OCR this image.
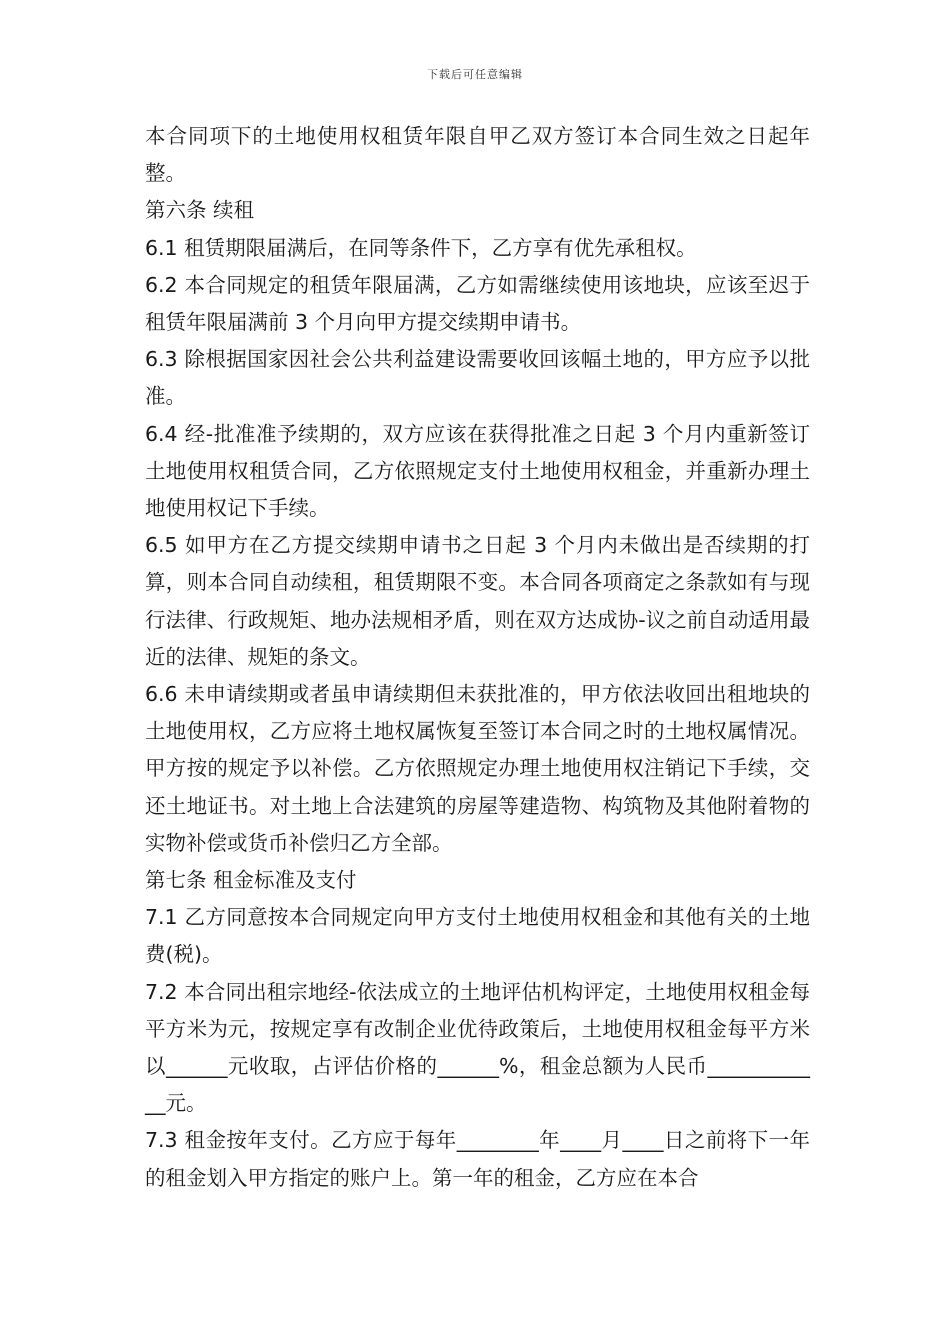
下载后可任意编辑

本合同项下的土地使用权租赁年限自甲乙双方签订本合同生效之日起年整。

第六条 续租

6.1 租赁期限届满后，在同等条件下，乙方享有优先承租权。

6.2 本合同规定的租赁年限届满，乙方如需继续使用该地块，应该至迟于租赁年限届满前 3 个月向甲方提交续期申请书。

6.3 除根据国家因社会公共利益建设需要收回该幅土地的，甲方应予以批准。

6.4 经-批准准予续期的，双方应该在获得批准之日起 3 个月内重新签订土地使用权租赁合同，乙方依照规定支付土地使用权租金，并重新办理土地使用权记下手续。

6.5 如甲方在乙方提交续期申请书之日起 3 个月内未做出是否续期的打算，则本合同自动续租，租赁期限不变。本合同各项商定之条款如有与现行法律、行政规矩、地办法规相矛盾，则在双方达成协-议之前自动适用最近的法律、规矩的条文。

6.6 未申请续期或者虽申请续期但未获批准的，甲方依法收回出租地块的土地使用权，乙方应将土地权属恢复至签订本合同之时的土地权属情况。甲方按的规定予以补偿。乙方依照规定办理土地使用权注销记下手续，交还土地证书。对土地上合法建筑的房屋等建造物、构筑物及其他附着物的实物补偿或货币补偿归乙方全部。

第七条 租金标准及支付

7.1 乙方同意按本合同规定向甲方支付土地使用权租金和其他有关的土地费(税)。

7.2 本合同出租宗地经-依法成立的土地评估机构评定，土地使用权租金每平方米为元，按规定享有改制企业优待政策后，土地使用权租金每平方米以______元收取，占评估价格的______%，租金总额为人民币____________元。

7.3 租金按年支付。乙方应于每年________年____月____日之前将下一年的租金划入甲方指定的账户上。第一年的租金，乙方应在本合
